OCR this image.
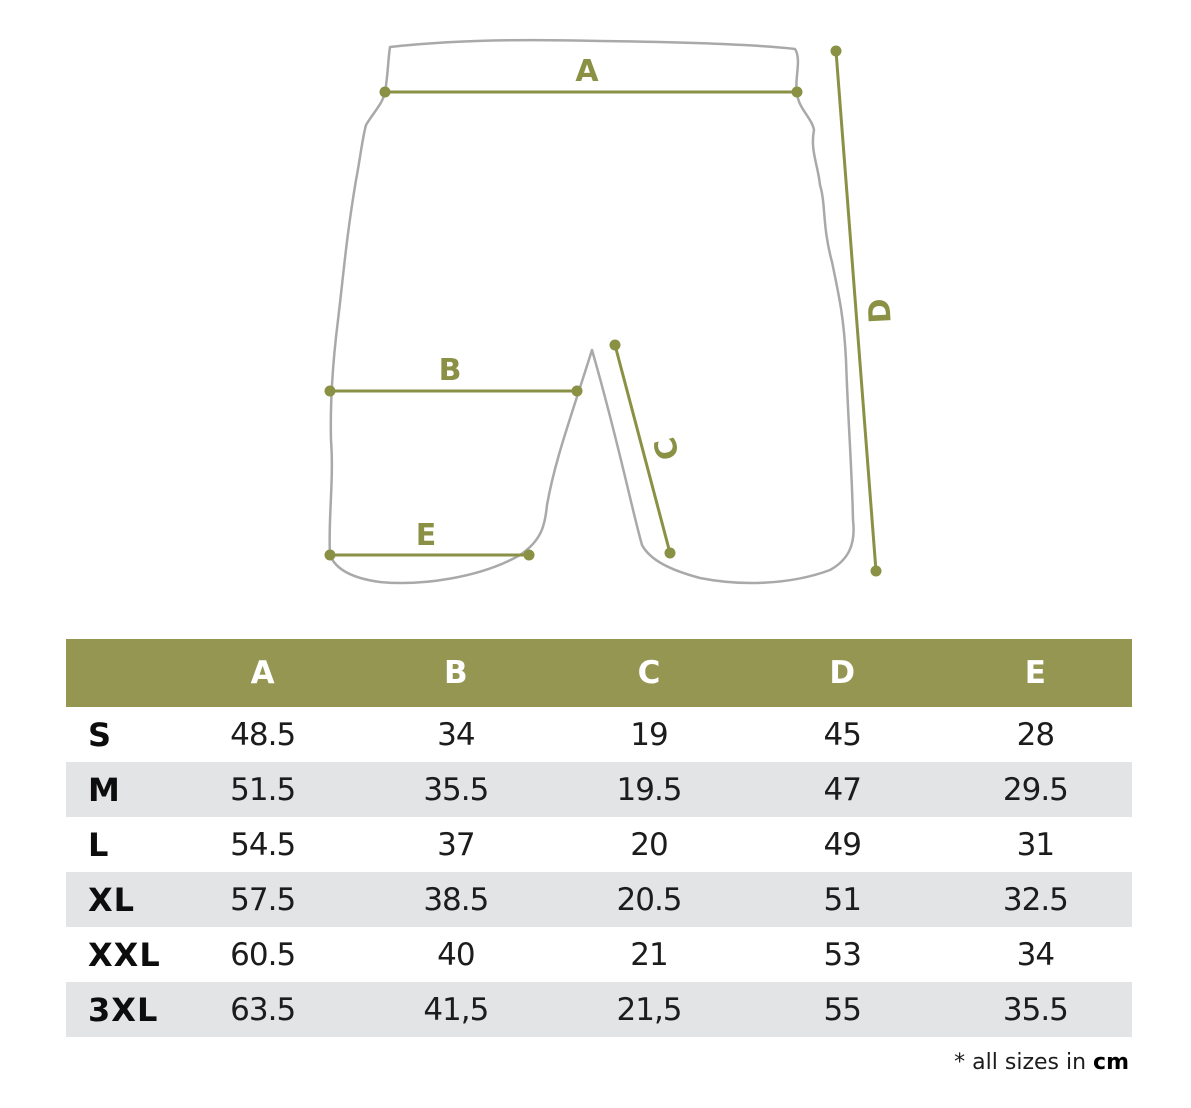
A
B
E
C
D
	A	B	C	D	E
S	48.5	34	19	45	28
M	51.5	35.5	19.5	47	29.5
L	54.5	37	20	49	31
XL	57.5	38.5	20.5	51	32.5
XXL	60.5	40	21	53	34
3XL	63.5	41,5	21,5	55	35.5
* all sizes in cm
